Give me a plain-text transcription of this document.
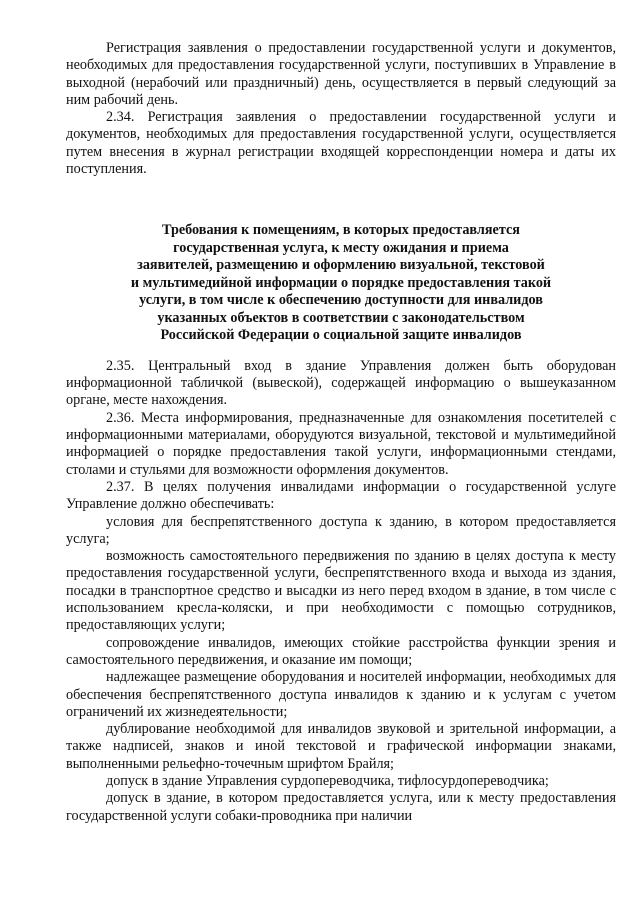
Регистрация заявления о предоставлении государственной услуги и документов, необходимых для предоставления государственной услуги, поступивших в Управление в выходной (нерабочий или праздничный) день, осуществляется в первый следующий за ним рабочий день.

2.34. Регистрация заявления о предоставлении государственной услуги и документов, необходимых для предоставления государственной услуги, осуществляется путем внесения в журнал регистрации входящей корреспонденции номера и даты их поступления.

Требования к помещениям, в которых предоставляется
государственная услуга, к месту ожидания и приема
заявителей, размещению и оформлению визуальной, текстовой
и мультимедийной информации о порядке предоставления такой
услуги, в том числе к обеспечению доступности для инвалидов
указанных объектов в соответствии с законодательством
Российской Федерации о социальной защите инвалидов

2.35. Центральный вход в здание Управления должен быть оборудован информационной табличкой (вывеской), содержащей информацию о вышеуказанном органе, месте нахождения.

2.36. Места информирования, предназначенные для ознакомления посетителей с информационными материалами, оборудуются визуальной, текстовой и мультимедийной информацией о порядке предоставления такой услуги, информационными стендами, столами и стульями для возможности оформления документов.

2.37. В целях получения инвалидами информации о государственной услуге Управление должно обеспечивать:

условия для беспрепятственного доступа к зданию, в котором предоставляется услуга;

возможность самостоятельного передвижения по зданию в целях доступа к месту предоставления государственной услуги, беспрепятственного входа и выхода из здания, посадки в транспортное средство и высадки из него перед входом в здание, в том числе с использованием кресла-коляски, и при необходимости с помощью сотрудников, предоставляющих услуги;

сопровождение инвалидов, имеющих стойкие расстройства функции зрения и самостоятельного передвижения, и оказание им помощи;

надлежащее размещение оборудования и носителей информации, необходимых для обеспечения беспрепятственного доступа инвалидов к зданию и к услугам с учетом ограничений их жизнедеятельности;

дублирование необходимой для инвалидов звуковой и зрительной информации, а также надписей, знаков и иной текстовой и графической информации знаками, выполненными рельефно-точечным шрифтом Брайля;

допуск в здание Управления сурдопереводчика, тифлосурдопереводчика;

допуск в здание, в котором предоставляется услуга, или к месту предоставления государственной услуги собаки-проводника при наличии
